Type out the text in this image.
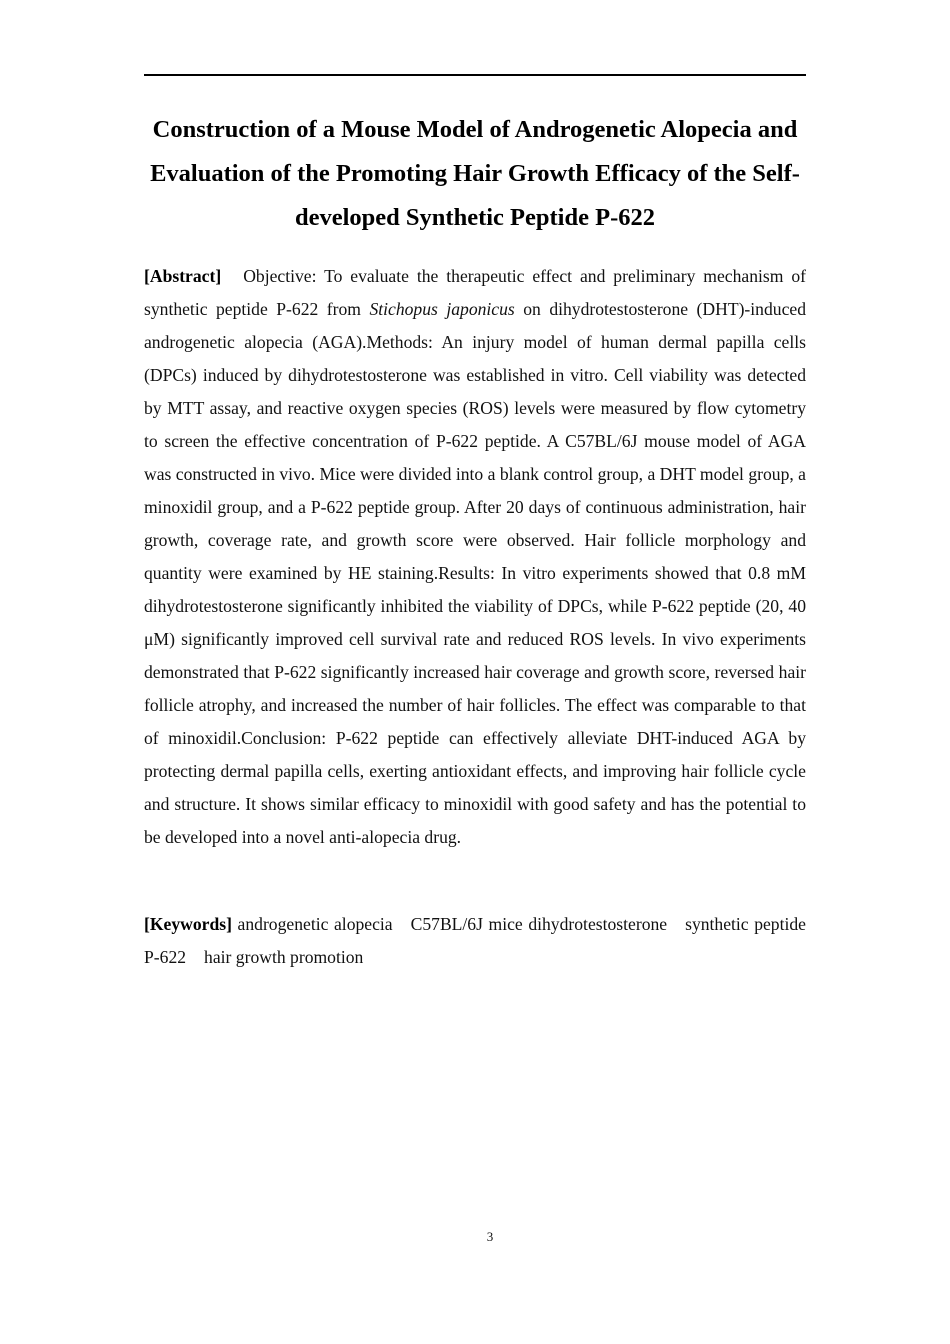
Construction of a Mouse Model of Androgenetic Alopecia and Evaluation of the Promoting Hair Growth Efficacy of the Self-developed Synthetic Peptide P-622

[Abstract] Objective: To evaluate the therapeutic effect and preliminary mechanism of synthetic peptide P-622 from Stichopus japonicus on dihydrotestosterone (DHT)-induced androgenetic alopecia (AGA).Methods: An injury model of human dermal papilla cells (DPCs) induced by dihydrotestosterone was established in vitro. Cell viability was detected by MTT assay, and reactive oxygen species (ROS) levels were measured by flow cytometry to screen the effective concentration of P-622 peptide. A C57BL/6J mouse model of AGA was constructed in vivo. Mice were divided into a blank control group, a DHT model group, a minoxidil group, and a P-622 peptide group. After 20 days of continuous administration, hair growth, coverage rate, and growth score were observed. Hair follicle morphology and quantity were examined by HE staining.Results: In vitro experiments showed that 0.8 mM dihydrotestosterone significantly inhibited the viability of DPCs, while P-622 peptide (20, 40 μM) significantly improved cell survival rate and reduced ROS levels. In vivo experiments demonstrated that P-622 significantly increased hair coverage and growth score, reversed hair follicle atrophy, and increased the number of hair follicles. The effect was comparable to that of minoxidil.Conclusion: P-622 peptide can effectively alleviate DHT-induced AGA by protecting dermal papilla cells, exerting antioxidant effects, and improving hair follicle cycle and structure. It shows similar efficacy to minoxidil with good safety and has the potential to be developed into a novel anti-alopecia drug.

[Keywords] androgenetic alopecia C57BL/6J mice dihydrotestosterone synthetic peptide P-622 hair growth promotion

3
